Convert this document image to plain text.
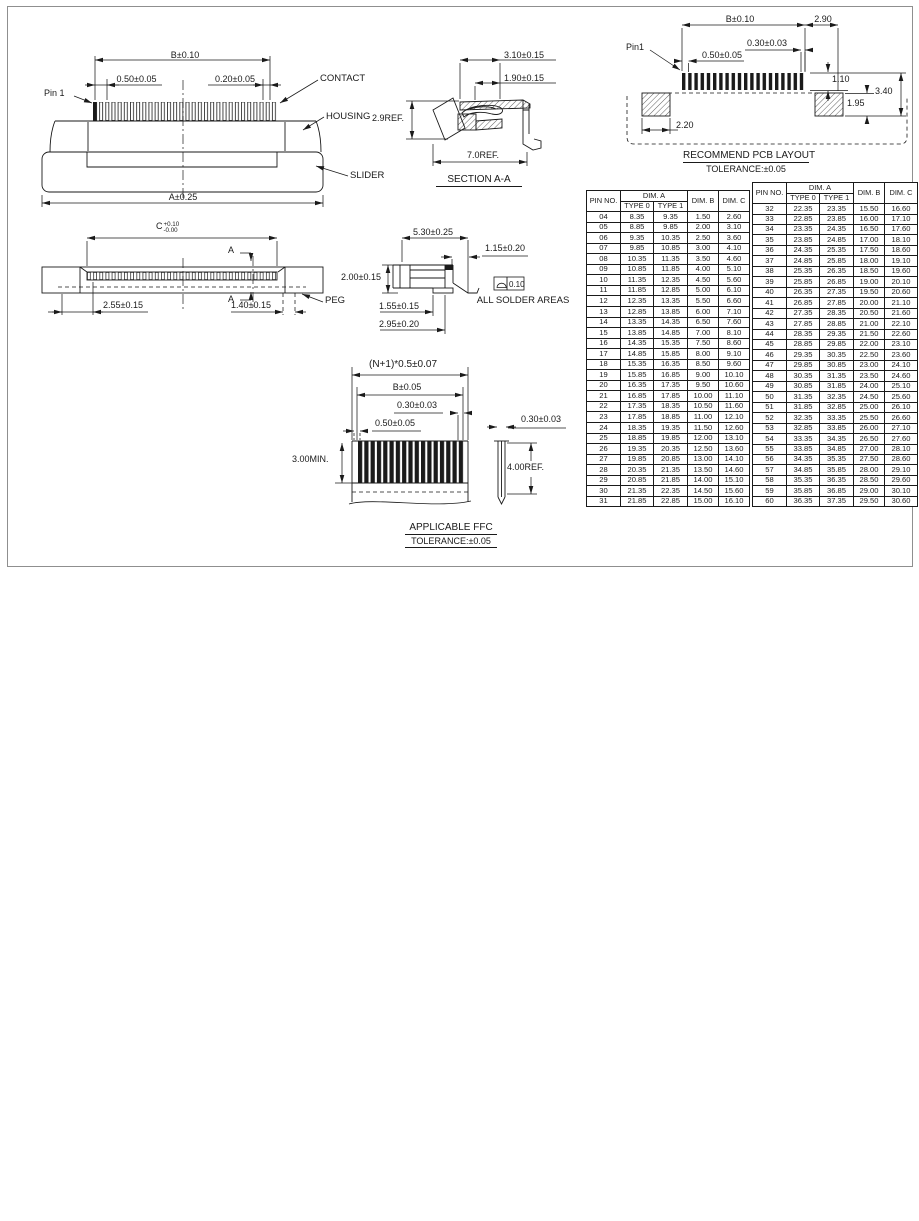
B±0.10
0.50±0.05	0.20±0.05
Pin 1
CONTACT
HOUSING
SLIDER
A±0.25
3.10±0.15
1.90±0.15
2.9REF.
7.0REF.
SECTION A-A
B±0.10	2.90
0.30±0.03
0.50±0.05
Pin1
1.10
3.40
1.95
2.20
RECOMMEND PCB LAYOUT
TOLERANCE:±0.05
C +0.10
-0.00
A
A
2.55±0.15	1.40±0.15	PEG
5.30±0.25
1.15±0.20
2.00±0.15
1.55±0.15
2.95±0.20
0.10
ALL SOLDER AREAS
(N+1)*0.5±0.07
B±0.05
0.30±0.03
0.50±0.05
3.00MIN.
0.30±0.03
4.00REF.
APPLICABLE FFC
TOLERANCE:±0.05
PIN NO.	DIM. A		DIM. B	DIM. C
	TYPE 0	TYPE 1		
04	8.35	9.35	1.50	2.60
05	8.85	9.85	2.00	3.10
06	9.35	10.35	2.50	3.60
07	9.85	10.85	3.00	4.10
08	10.35	11.35	3.50	4.60
09	10.85	11.85	4.00	5.10
10	11.35	12.35	4.50	5.60
11	11.85	12.85	5.00	6.10
12	12.35	13.35	5.50	6.60
13	12.85	13.85	6.00	7.10
14	13.35	14.35	6.50	7.60
15	13.85	14.85	7.00	8.10
16	14.35	15.35	7.50	8.60
17	14.85	15.85	8.00	9.10
18	15.35	16.35	8.50	9.60
19	15.85	16.85	9.00	10.10
20	16.35	17.35	9.50	10.60
21	16.85	17.85	10.00	11.10
22	17.35	18.35	10.50	11.60
23	17.85	18.85	11.00	12.10
24	18.35	19.35	11.50	12.60
25	18.85	19.85	12.00	13.10
26	19.35	20.35	12.50	13.60
27	19.85	20.85	13.00	14.10
28	20.35	21.35	13.50	14.60
29	20.85	21.85	14.00	15.10
30	21.35	22.35	14.50	15.60
31	21.85	22.85	15.00	16.10
PIN NO.	DIM. A		DIM. B	DIM. C
	TYPE 0	TYPE 1		
32	22.35	23.35	15.50	16.60
33	22.85	23.85	16.00	17.10
34	23.35	24.35	16.50	17.60
35	23.85	24.85	17.00	18.10
36	24.35	25.35	17.50	18.60
37	24.85	25.85	18.00	19.10
38	25.35	26.35	18.50	19.60
39	25.85	26.85	19.00	20.10
40	26.35	27.35	19.50	20.60
41	26.85	27.85	20.00	21.10
42	27.35	28.35	20.50	21.60
43	27.85	28.85	21.00	22.10
44	28.35	29.35	21.50	22.60
45	28.85	29.85	22.00	23.10
46	29.35	30.35	22.50	23.60
47	29.85	30.85	23.00	24.10
48	30.35	31.35	23.50	24.60
49	30.85	31.85	24.00	25.10
50	31.35	32.35	24.50	25.60
51	31.85	32.85	25.00	26.10
52	32.35	33.35	25.50	26.60
53	32.85	33.85	26.00	27.10
54	33.35	34.35	26.50	27.60
55	33.85	34.85	27.00	28.10
56	34.35	35.35	27.50	28.60
57	34.85	35.85	28.00	29.10
58	35.35	36.35	28.50	29.60
59	35.85	36.85	29.00	30.10
60	36.35	37.35	29.50	30.60
